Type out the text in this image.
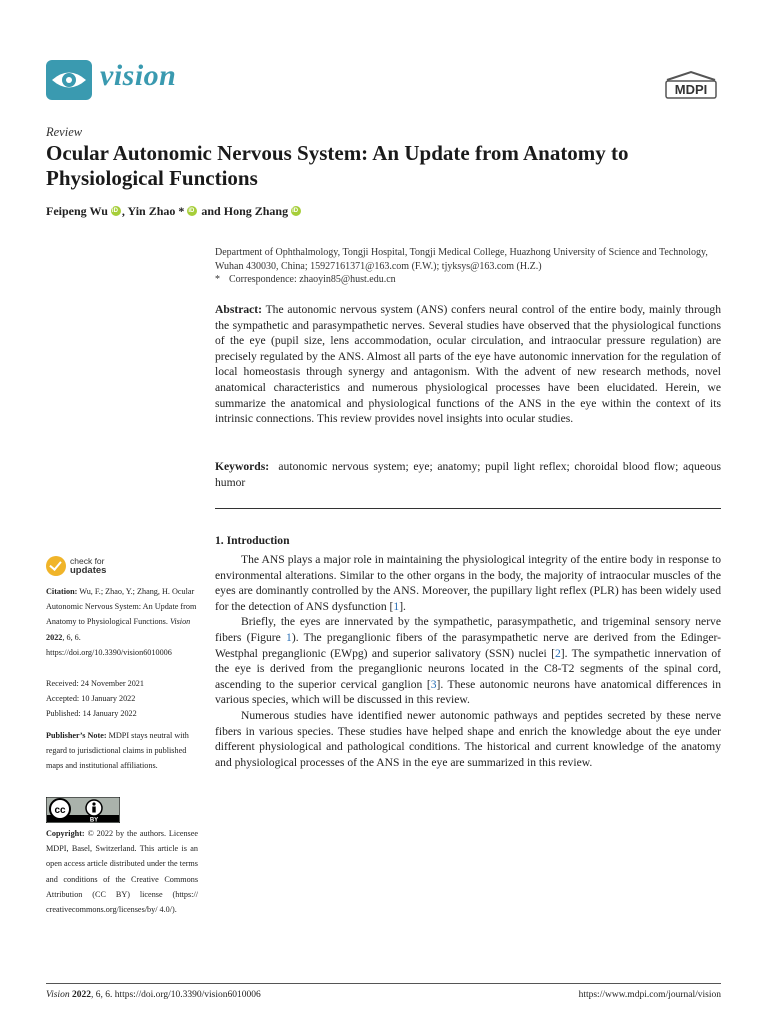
vision	MDPI
Review
Ocular Autonomic Nervous System: An Update from Anatomy to Physiological Functions
Feipeng WuiD , Yin Zhao *iD and Hong ZhangiD
Department of Ophthalmology, Tongji Hospital, Tongji Medical College, Huazhong University of Science and Technology, Wuhan 430030, China; 15927161371@163.com (F.W.); tjyksys@163.com (H.Z.)
* Correspondence: zhaoyin85@hust.edu.cn
Abstract: The autonomic nervous system (ANS) confers neural control of the entire body, mainly through the sympathetic and parasympathetic nerves. Several studies have observed that the physiological functions of the eye (pupil size, lens accommodation, ocular circulation, and intraocular pressure regulation) are precisely regulated by the ANS. Almost all parts of the eye have autonomic innervation for the regulation of local homeostasis through synergy and antagonism. With the advent of new research methods, novel anatomical characteristics and numerous physiological processes have been elucidated. Herein, we summarize the anatomical and physiological functions of the ANS in the eye within the context of its intrinsic connections. This review provides novel insights into ocular studies.
Keywords: autonomic nervous system; eye; anatomy; pupil light reflex; choroidal blood flow; aqueous humor
1. Introduction

The ANS plays a major role in maintaining the physiological integrity of the entire body in response to environmental alterations. Similar to the other organs in the body, the majority of intraocular muscles of the eyes are dominantly controlled by the ANS. Moreover, the pupillary light reflex (PLR) has been widely used for the detection of ANS dysfunction [1].

Briefly, the eyes are innervated by the sympathetic, parasympathetic, and trigeminal sensory nerve fibers (Figure 1). The preganglionic fibers of the parasympathetic nerve are derived from the Edinger-Westphal preganglionic (EWpg) and superior salivatory (SSN) nuclei [2]. The sympathetic innervation of the eye is derived from the preganglionic neurons located in the C8-T2 segments of the spinal cord, ascending to the superior cervical ganglion [3]. These autonomic neurons have anatomical differences in various species, which will be discussed in this review.

Numerous studies have identified newer autonomic pathways and peptides secreted by these nerve fibers in various species. These studies have helped shape and enrich the knowledge about the eye under different physiological and pathological conditions. The historical and current knowledge of the anatomy and physiological processes of the ANS in the eye are summarized in this review.

check for
updates
Citation: Wu, F.; Zhao, Y.; Zhang, H. Ocular Autonomic Nervous System: An Update from Anatomy to Physiological Functions. Vision 2022, 6, 6. https://doi.org/10.3390/vision6010006
Received: 24 November 2021
Accepted: 10 January 2022
Published: 14 January 2022
Publisher’s Note: MDPI stays neutral with regard to jurisdictional claims in published maps and institutional affiliations.
cc
BY
Copyright: © 2022 by the authors. Licensee MDPI, Basel, Switzerland. This article is an open access article distributed under the terms and conditions of the Creative Commons Attribution (CC BY) license (https:// creativecommons.org/licenses/by/ 4.0/).
Vision 2022, 6, 6. https://doi.org/10.3390/vision6010006	https://www.mdpi.com/journal/vision
